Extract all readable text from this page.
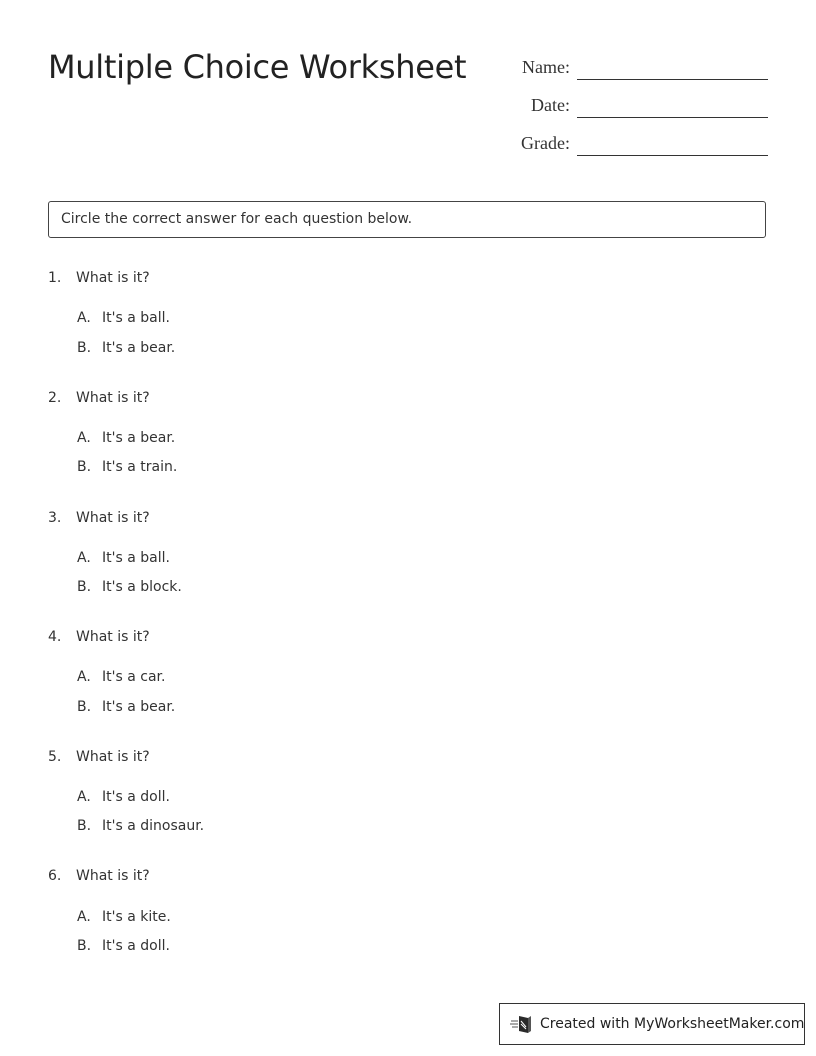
Multiple Choice Worksheet	Name:
Date:
Grade:
Circle the correct answer for each question below.
1. What is it?
A. It's a ball.
B. It's a bear.
2. What is it?
A. It's a bear.
B. It's a train.
3. What is it?
A. It's a ball.
B. It's a block.
4. What is it?
A. It's a car.
B. It's a bear.
5. What is it?
A. It's a doll.
B. It's a dinosaur.
6. What is it?
A. It's a kite.
B. It's a doll.
Created with MyWorksheetMaker.com
